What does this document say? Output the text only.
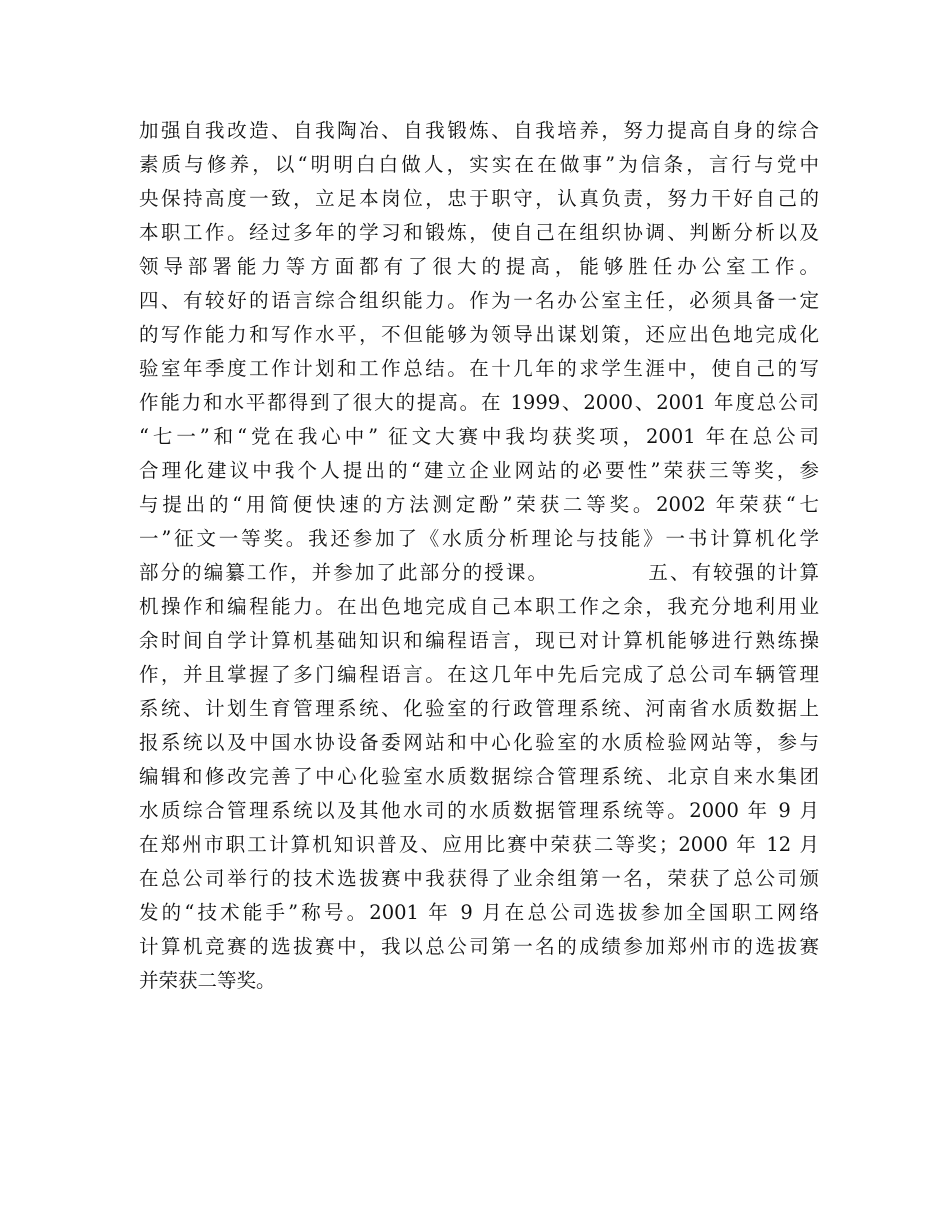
加强自我改造、自我陶冶、自我锻炼、自我培养，努力提高自身的综合
素质与修养，以“明明白白做人，实实在在做事”为信条，言行与党中
央保持高度一致，立足本岗位，忠于职守，认真负责，努力干好自己的
本职工作。经过多年的学习和锻炼，使自己在组织协调、判断分析以及
领导部署能力等方面都有了很大的提高，能够胜任办公室工作。
四、有较好的语言综合组织能力。作为一名办公室主任，必须具备一定
的写作能力和写作水平，不但能够为领导出谋划策，还应出色地完成化
验室年季度工作计划和工作总结。在十几年的求学生涯中，使自己的写
作能力和水平都得到了很大的提高。在 1999、2000、2001 年度总公司
“七一”和“党在我心中” 征文大赛中我均获奖项，2001 年在总公司
合理化建议中我个人提出的“建立企业网站的必要性”荣获三等奖，参
与提出的“用简便快速的方法测定酚”荣获二等奖。2002 年荣获“七
一”征文一等奖。我还参加了《水质分析理论与技能》一书计算机化学
部分的编纂工作，并参加了此部分的授课。            五、有较强的计算
机操作和编程能力。在出色地完成自己本职工作之余，我充分地利用业
余时间自学计算机基础知识和编程语言，现已对计算机能够进行熟练操
作，并且掌握了多门编程语言。在这几年中先后完成了总公司车辆管理
系统、计划生育管理系统、化验室的行政管理系统、河南省水质数据上
报系统以及中国水协设备委网站和中心化验室的水质检验网站等，参与
编辑和修改完善了中心化验室水质数据综合管理系统、北京自来水集团
水质综合管理系统以及其他水司的水质数据管理系统等。2000 年 9 月
在郑州市职工计算机知识普及、应用比赛中荣获二等奖；2000 年 12 月
在总公司举行的技术选拔赛中我获得了业余组第一名，荣获了总公司颁
发的“技术能手”称号。2001 年 9 月在总公司选拔参加全国职工网络
计算机竞赛的选拔赛中，我以总公司第一名的成绩参加郑州市的选拔赛
并荣获二等奖。
